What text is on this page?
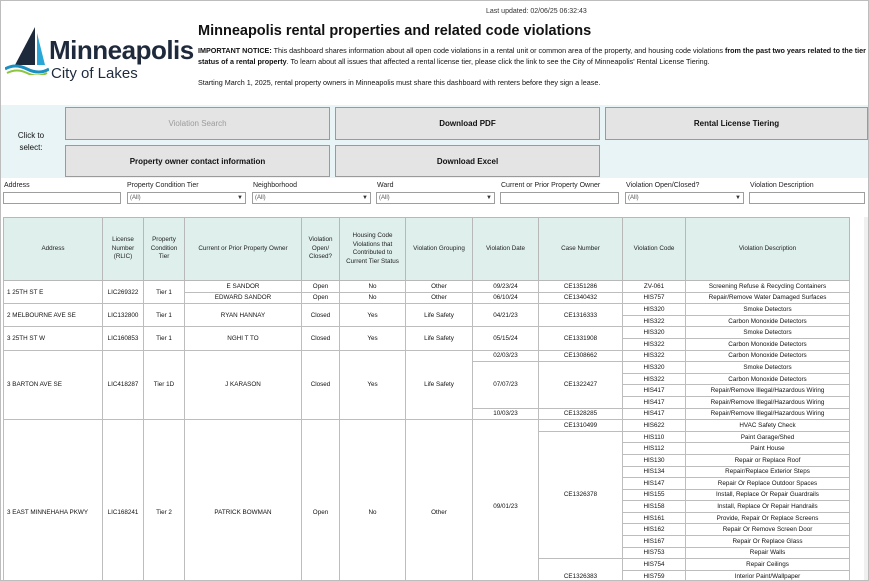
Last updated: 02/06/25 06:32:43
Minneapolis
City of Lakes
Minneapolis rental properties and related code violations
IMPORTANT NOTICE: This dashboard shares information about all open code violations in a rental unit or common area of the property, and housing code violations from the past two years related to the tier status of a rental property. To learn about all issues that affected a rental license tier, please click the link to see the City of Minneapolis' Rental License Tiering.
Starting March 1, 2025, rental property owners in Minneapolis must share this dashboard with renters before they sign a lease.
Click to select:
Violation Search	Download PDF	Rental License Tiering
Property owner contact information	Download Excel
Address	Property Condition Tier
(All)	▼
Neighborhood
(All)	▼
Ward
(All)	▼
Current or Prior Property Owner	Violation Open/Closed?
(All)	▼
Violation Description
Address	License Number (RLIC)	Property Condition Tier	Current or Prior Property Owner	Violation Open/ Closed?	Housing Code Violations that Contributed to Current Tier Status	Violation Grouping	Violation Date	Case Number	Violation Code	Violation Description		
1 25TH ST E	LIC269322	Tier 1	E SANDOR	Open	No	Other	09/23/24	CE1351286	ZV-061	Screening Refuse & Recycling Containers		
			EDWARD SANDOR	Open	No	Other	06/10/24	CE1340432	HIS757	Repair/Remove Water Damaged Surfaces		
2 MELBOURNE AVE SE	LIC132800	Tier 1	RYAN HANNAY	Closed	Yes	Life Safety	04/21/23	CE1316333	HIS320	Smoke Detectors		
									HIS322	Carbon Monoxide Detectors		
3 25TH ST W	LIC160853	Tier 1	NGHI T TO	Closed	Yes	Life Safety	05/15/24	CE1331908	HIS320	Smoke Detectors		
									HIS322	Carbon Monoxide Detectors		
3 BARTON AVE SE	LIC418287	Tier 1D	J KARASON	Closed	Yes	Life Safety	02/03/23	CE1308662	HIS322	Carbon Monoxide Detectors		
							07/07/23	CE1322427	HIS320	Smoke Detectors		
									HIS322	Carbon Monoxide Detectors		
									HIS417	Repair/Remove Illegal/Hazardous Wiring		
									HIS417	Repair/Remove Illegal/Hazardous Wiring		
							10/03/23	CE1328285	HIS417	Repair/Remove Illegal/Hazardous Wiring		
3 EAST MINNEHAHA PKWY	LIC168241	Tier 2	PATRICK BOWMAN	Open	No	Other	09/01/23	CE1310499	HIS622	HVAC Safety Check		
								CE1326378	HIS110	Paint Garage/Shed		
									HIS112	Paint House		
									HIS130	Repair or Replace Roof		
									HIS134	Repair/Replace Exterior Steps		
									HIS147	Repair Or Replace Outdoor Spaces		
									HIS155	Install, Replace Or Repair Guardrails		
									HIS158	Install, Replace Or Repair Handrails		
									HIS161	Provide, Repair Or Replace Screens		
									HIS162	Repair Or Remove Screen Door		
									HIS167	Repair Or Replace Glass		
									HIS753	Repair Walls		
								CE1326383	HIS754	Repair Ceilings		
									HIS759	Interior Paint/Wallpaper		
